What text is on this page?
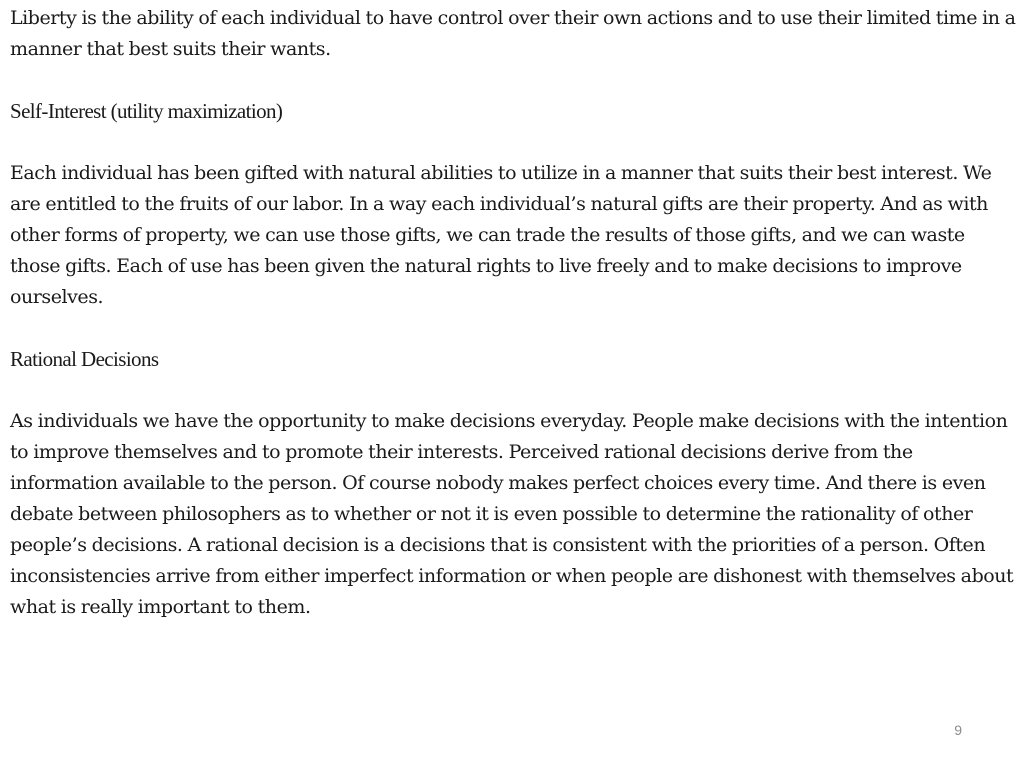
Liberty is the ability of each individual to have control over their own actions and to use their limited time in a manner that best suits their wants.

Self-Interest (utility maximization)

Each individual has been gifted with natural abilities to utilize in a manner that suits their best interest. We are entitled to the fruits of our labor. In a way each individual’s natural gifts are their property. And as with other forms of property, we can use those gifts, we can trade the results of those gifts, and we can waste those gifts. Each of use has been given the natural rights to live freely and to make decisions to improve ourselves.

Rational Decisions

As individuals we have the opportunity to make decisions everyday. People make decisions with the intention to improve themselves and to promote their interests. Perceived rational decisions derive from the information available to the person. Of course nobody makes perfect choices every time. And there is even debate between philosophers as to whether or not it is even possible to determine the rationality of other people’s decisions. A rational decision is a decisions that is consistent with the priorities of a person. Often inconsistencies arrive from either imperfect information or when people are dishonest with themselves about what is really important to them.

9
